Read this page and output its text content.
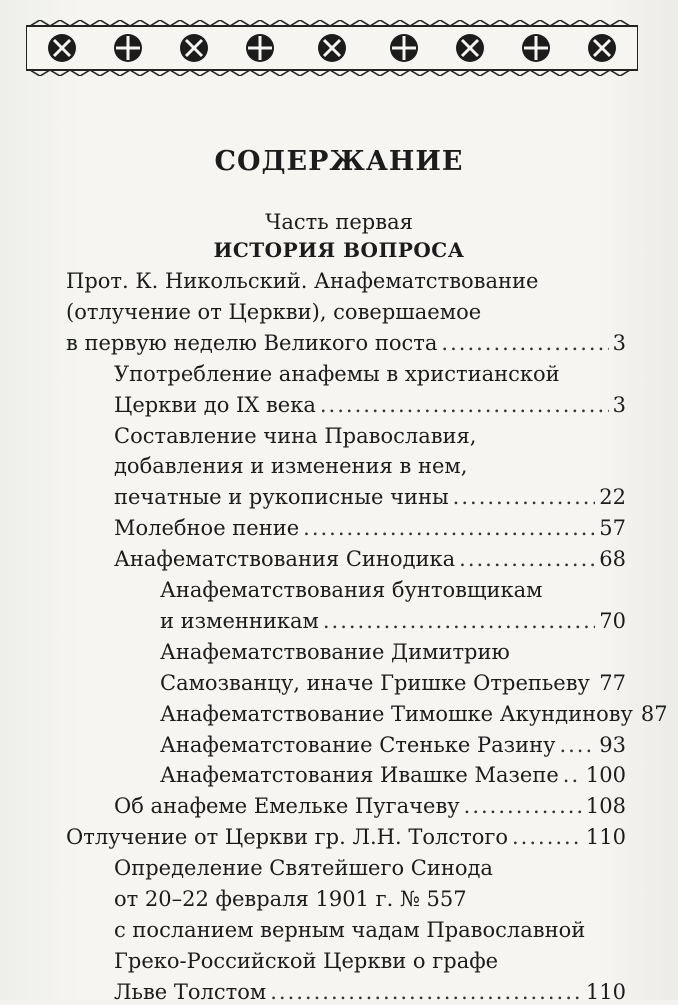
СОДЕРЖАНИЕ
Часть первая
ИСТОРИЯ ВОПРОСА
Прот. К. Никольский. Анафематствование
(отлучение от Церкви), совершаемое
в первую неделю Великого поста .....	3
Употребление анафемы в христианской
Церкви до IX века .....	3
Составление чина Православия,
добавления и изменения в нем,
печатные и рукописные чины .....	22
Молебное пение .....	57
Анафематствования Синодика .....	68
Анафематствования бунтовщикам
и изменникам .....	70
Анафематствование Димитрию
Самозванцу, иначе Гришке Отрепьеву ..... 77
Анафематствование Тимошке Акундинову 87
Анафематстование Стеньке Разину ..... 93
Анафематстования Ивашке Мазепе ..... 100
Об анафеме Емельке Пугачеву .....	108
Отлучение от Церкви гр. Л.Н. Толстого .....	110
Определение Святейшего Синода
от 20–22 февраля 1901 г. № 557
с посланием верным чадам Православной
Греко-Российской Церкви о графе
Льве Толстом .....	110
